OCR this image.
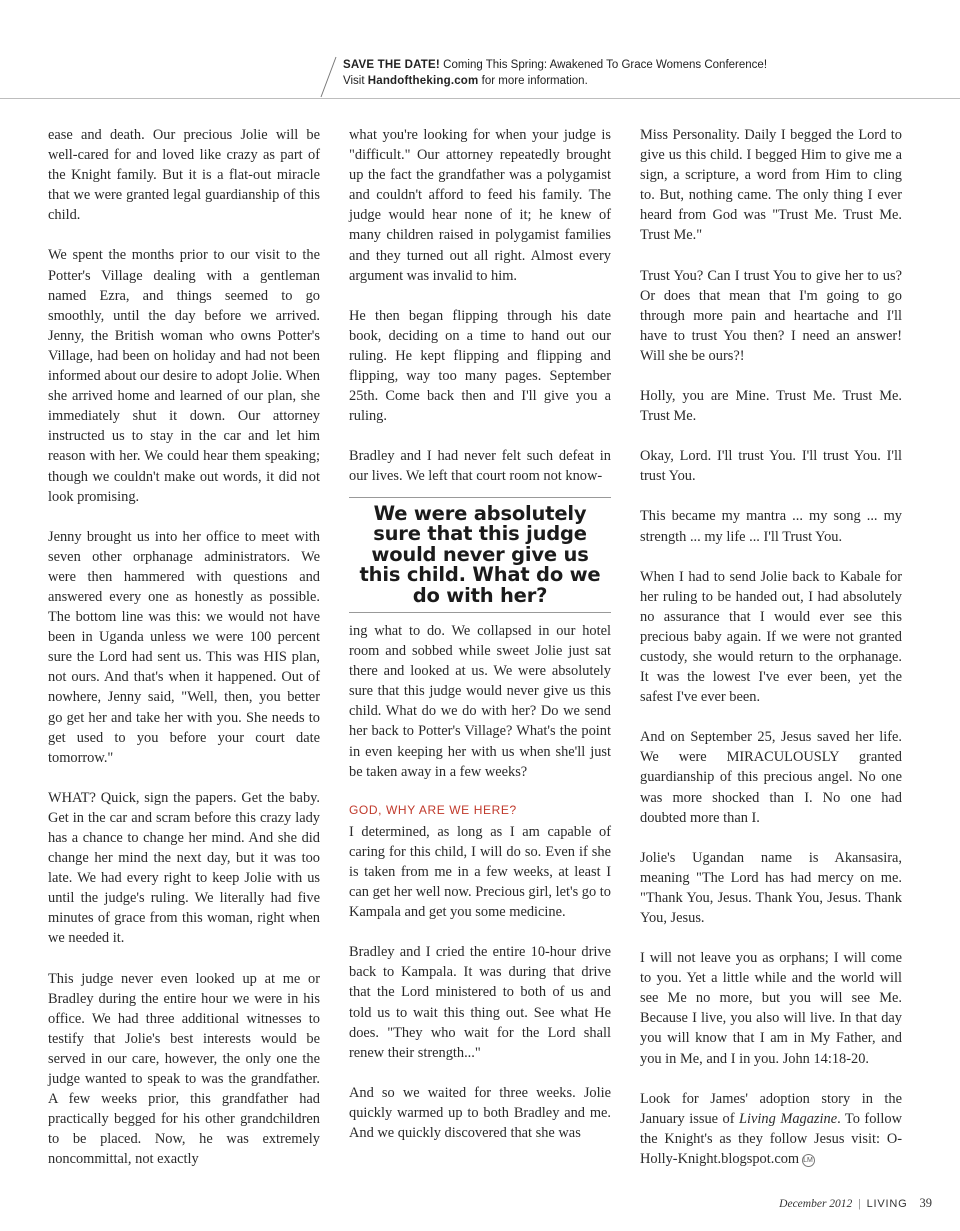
SAVE THE DATE! Coming This Spring: Awakened To Grace Womens Conference!
Visit Handoftheking.com for more information.

ease and death. Our precious Jolie will be well-cared for and loved like crazy as part of the Knight family. But it is a flat-out miracle that we were granted legal guardianship of this child.

We spent the months prior to our visit to the Potter's Village dealing with a gentleman named Ezra, and things seemed to go smoothly, until the day before we arrived. Jenny, the British woman who owns Potter's Village, had been on holiday and had not been informed about our desire to adopt Jolie. When she arrived home and learned of our plan, she immediately shut it down. Our attorney instructed us to stay in the car and let him reason with her. We could hear them speaking; though we couldn't make out words, it did not look promising.

Jenny brought us into her office to meet with seven other orphanage administrators. We were then hammered with questions and answered every one as honestly as possible. The bottom line was this: we would not have been in Uganda unless we were 100 percent sure the Lord had sent us. This was HIS plan, not ours. And that's when it happened. Out of nowhere, Jenny said, "Well, then, you better go get her and take her with you. She needs to get used to you before your court date tomorrow."

WHAT? Quick, sign the papers. Get the baby. Get in the car and scram before this crazy lady has a chance to change her mind. And she did change her mind the next day, but it was too late. We had every right to keep Jolie with us until the judge's ruling. We literally had five minutes of grace from this woman, right when we needed it.

This judge never even looked up at me or Bradley during the entire hour we were in his office. We had three additional witnesses to testify that Jolie's best interests would be served in our care, however, the only one the judge wanted to speak to was the grandfather. A few weeks prior, this grandfather had practically begged for his other grandchildren to be placed. Now, he was extremely noncommittal, not exactly

what you're looking for when your judge is "difficult." Our attorney repeatedly brought up the fact the grandfather was a polygamist and couldn't afford to feed his family. The judge would hear none of it; he knew of many children raised in polygamist families and they turned out all right. Almost every argument was invalid to him.

He then began flipping through his date book, deciding on a time to hand out our ruling. He kept flipping and flipping and flipping, way too many pages. September 25th. Come back then and I'll give you a ruling.

Bradley and I had never felt such defeat in our lives. We left that court room not know-

We were absolutely sure that this judge would never give us this child. What do we do with her?

ing what to do. We collapsed in our hotel room and sobbed while sweet Jolie just sat there and looked at us. We were absolutely sure that this judge would never give us this child. What do we do with her? Do we send her back to Potter's Village? What's the point in even keeping her with us when she'll just be taken away in a few weeks?

GOD, WHY ARE WE HERE?

I determined, as long as I am capable of caring for this child, I will do so. Even if she is taken from me in a few weeks, at least I can get her well now. Precious girl, let's go to Kampala and get you some medicine.

Bradley and I cried the entire 10-hour drive back to Kampala. It was during that drive that the Lord ministered to both of us and told us to wait this thing out. See what He does. "They who wait for the Lord shall renew their strength..."

And so we waited for three weeks. Jolie quickly warmed up to both Bradley and me. And we quickly discovered that she was

Miss Personality. Daily I begged the Lord to give us this child. I begged Him to give me a sign, a scripture, a word from Him to cling to. But, nothing came. The only thing I ever heard from God was "Trust Me. Trust Me. Trust Me."

Trust You? Can I trust You to give her to us? Or does that mean that I'm going to go through more pain and heartache and I'll have to trust You then? I need an answer! Will she be ours?!

Holly, you are Mine. Trust Me. Trust Me. Trust Me.

Okay, Lord. I'll trust You. I'll trust You. I'll trust You.

This became my mantra ... my song ... my strength ... my life ... I'll Trust You.

When I had to send Jolie back to Kabale for her ruling to be handed out, I had absolutely no assurance that I would ever see this precious baby again. If we were not granted custody, she would return to the orphanage. It was the lowest I've ever been, yet the safest I've ever been.

And on September 25, Jesus saved her life. We were MIRACULOUSLY granted guardianship of this precious angel. No one was more shocked than I. No one had doubted more than I.

Jolie's Ugandan name is Akansasira, meaning "The Lord has had mercy on me. "Thank You, Jesus. Thank You, Jesus. Thank You, Jesus.

I will not leave you as orphans; I will come to you. Yet a little while and the world will see Me no more, but you will see Me. Because I live, you also will live. In that day you will know that I am in My Father, and you in Me, and I in you. John 14:18-20.

Look for James' adoption story in the January issue of Living Magazine. To follow the Knight's as they follow Jesus visit: O-Holly-Knight.blogspot.com LM

December 2012 | LIVING 39
